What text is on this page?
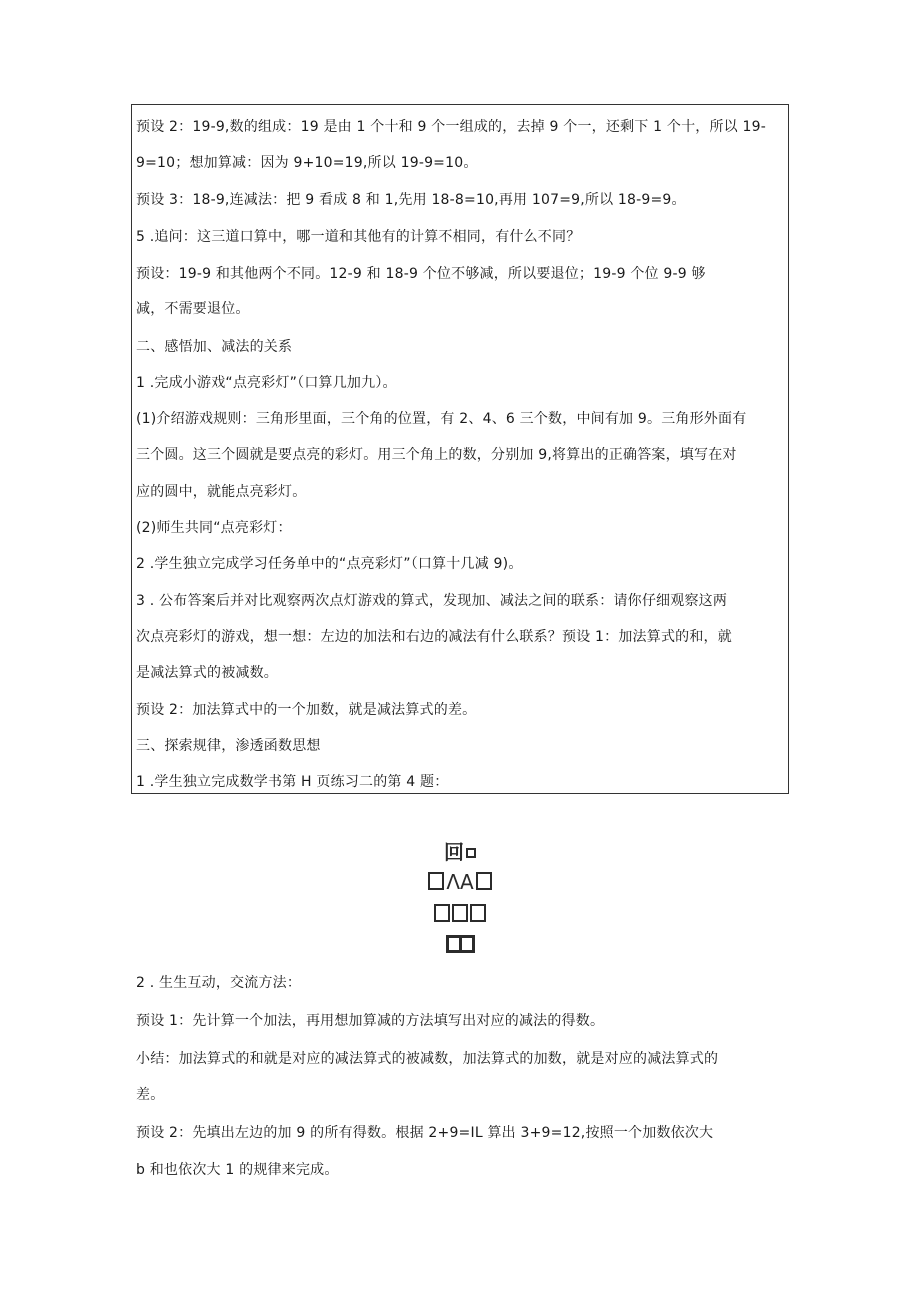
预设 2：19-9,数的组成：19 是由 1 个十和 9 个一组成的，去掉 9 个一，还剩下 1 个十，所以 19-
9=10；想加算减：因为 9+10=19,所以 19-9=10。
预设 3：18-9,连减法：把 9 看成 8 和 1,先用 18-8=10,再用 107=9,所以 18-9=9。
5 .追问：这三道口算中，哪一道和其他有的计算不相同，有什么不同？
预设：19-9 和其他两个不同。12-9 和 18-9 个位不够减，所以要退位；19-9 个位 9-9 够
减，不需要退位。
二、感悟加、减法的关系
1 .完成小游戏“点亮彩灯”（口算几加九）。
(1)介绍游戏规则：三角形里面，三个角的位置，有 2、4、6 三个数，中间有加 9。三角形外面有
三个圆。这三个圆就是要点亮的彩灯。用三个角上的数，分别加 9,将算出的正确答案，填写在对
应的圆中，就能点亮彩灯。
(2)师生共同“点亮彩灯：
2 .学生独立完成学习任务单中的“点亮彩灯”（口算十几减 9)。
3 . 公布答案后并对比观察两次点灯游戏的算式，发现加、减法之间的联系：请你仔细观察这两
次点亮彩灯的游戏，想一想：左边的加法和右边的减法有什么联系？预设 1：加法算式的和，就
是减法算式的被减数。
预设 2：加法算式中的一个加数，就是减法算式的差。
三、探索规律，渗透函数思想
1 .学生独立完成数学书第 H 页练习二的第 4 题：
回
ΛA
2 . 生生互动，交流方法：
预设 1：先计算一个加法，再用想加算减的方法填写出对应的减法的得数。
小结：加法算式的和就是对应的减法算式的被减数，加法算式的加数，就是对应的减法算式的
差。
预设 2：先填出左边的加 9 的所有得数。根据 2+9=IL 算出 3+9=12,按照一个加数依次大
b 和也依次大 1 的规律来完成。
